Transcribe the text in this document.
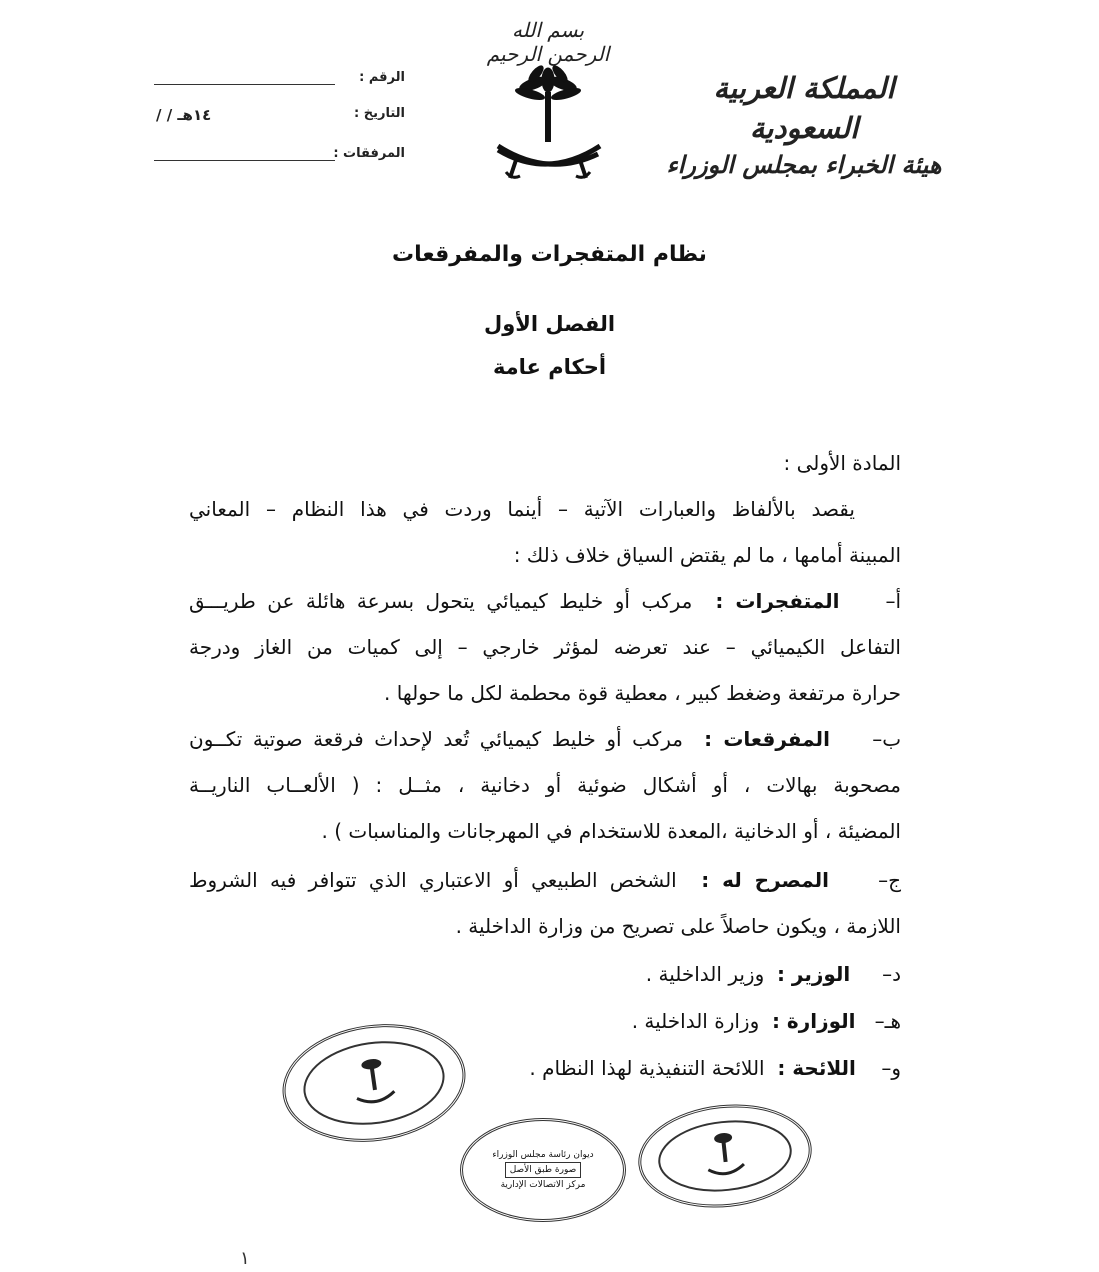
بسم الله الرحمن الرحيم
المملكة العربية السعودية
هيئة الخبراء بمجلس الوزراء
الرقم :
التاريخ :
/ / ١٤هـ
المرفقات :
نظام المتفجرات والمفرقعات
الفصل الأول
أحكام عامة
المادة الأولى :
يقصد بالألفاظ والعبارات الآتية – أينما وردت في هذا النظام – المعاني
المبينة أمامها ، ما لم يقتض السياق خلاف ذلك :
أ–    المتفجرات :  مركب أو خليط كيميائي يتحول بسرعة هائلة عن طريـــق
التفاعل الكيميائي – عند تعرضه لمؤثر خارجي – إلى كميات من الغاز ودرجة
حرارة مرتفعة وضغط كبير ، معطية قوة محطمة لكل ما حولها .
ب–    المفرقعات :  مركب أو خليط كيميائي تُعد لإحداث فرقعة صوتية تكــون
مصحوبة بهالات ، أو أشكال ضوئية أو دخانية ، مثــل : ( الألعــاب الناريــة
المضيئة ، أو الدخانية ،المعدة للاستخدام في المهرجانات والمناسبات ) .
ج–    المصرح له :  الشخص الطبيعي أو الاعتباري الذي تتوافر فيه الشروط
اللازمة ، ويكون حاصلاً على تصريح من وزارة الداخلية .
د–     الوزير :  وزير الداخلية .
هـ–   الوزارة :  وزارة الداخلية .
و–    اللائحة :  اللائحة التنفيذية لهذا النظام .
ديوان رئاسة مجلس الوزراء
صورة طبق الأصل
مركز الاتصالات الإدارية
١
